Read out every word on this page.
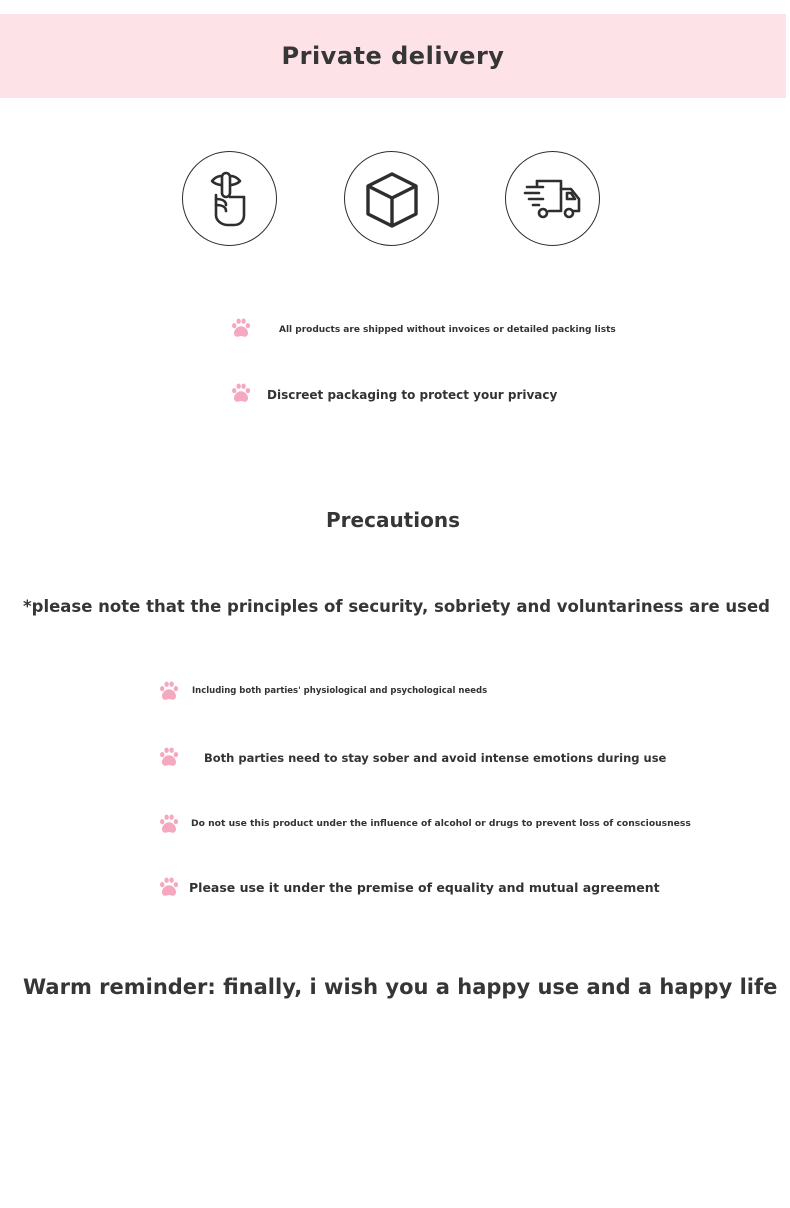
Private delivery
All products are shipped without invoices or detailed packing lists
Discreet packaging to protect your privacy
Precautions
*please note that the principles of security, sobriety and voluntariness are used
Including both parties' physiological and psychological needs
Both parties need to stay sober and avoid intense emotions during use
Do not use this product under the influence of alcohol or drugs to prevent loss of consciousness
Please use it under the premise of equality and mutual agreement
Warm reminder: finally, i wish you a happy use and a happy life
